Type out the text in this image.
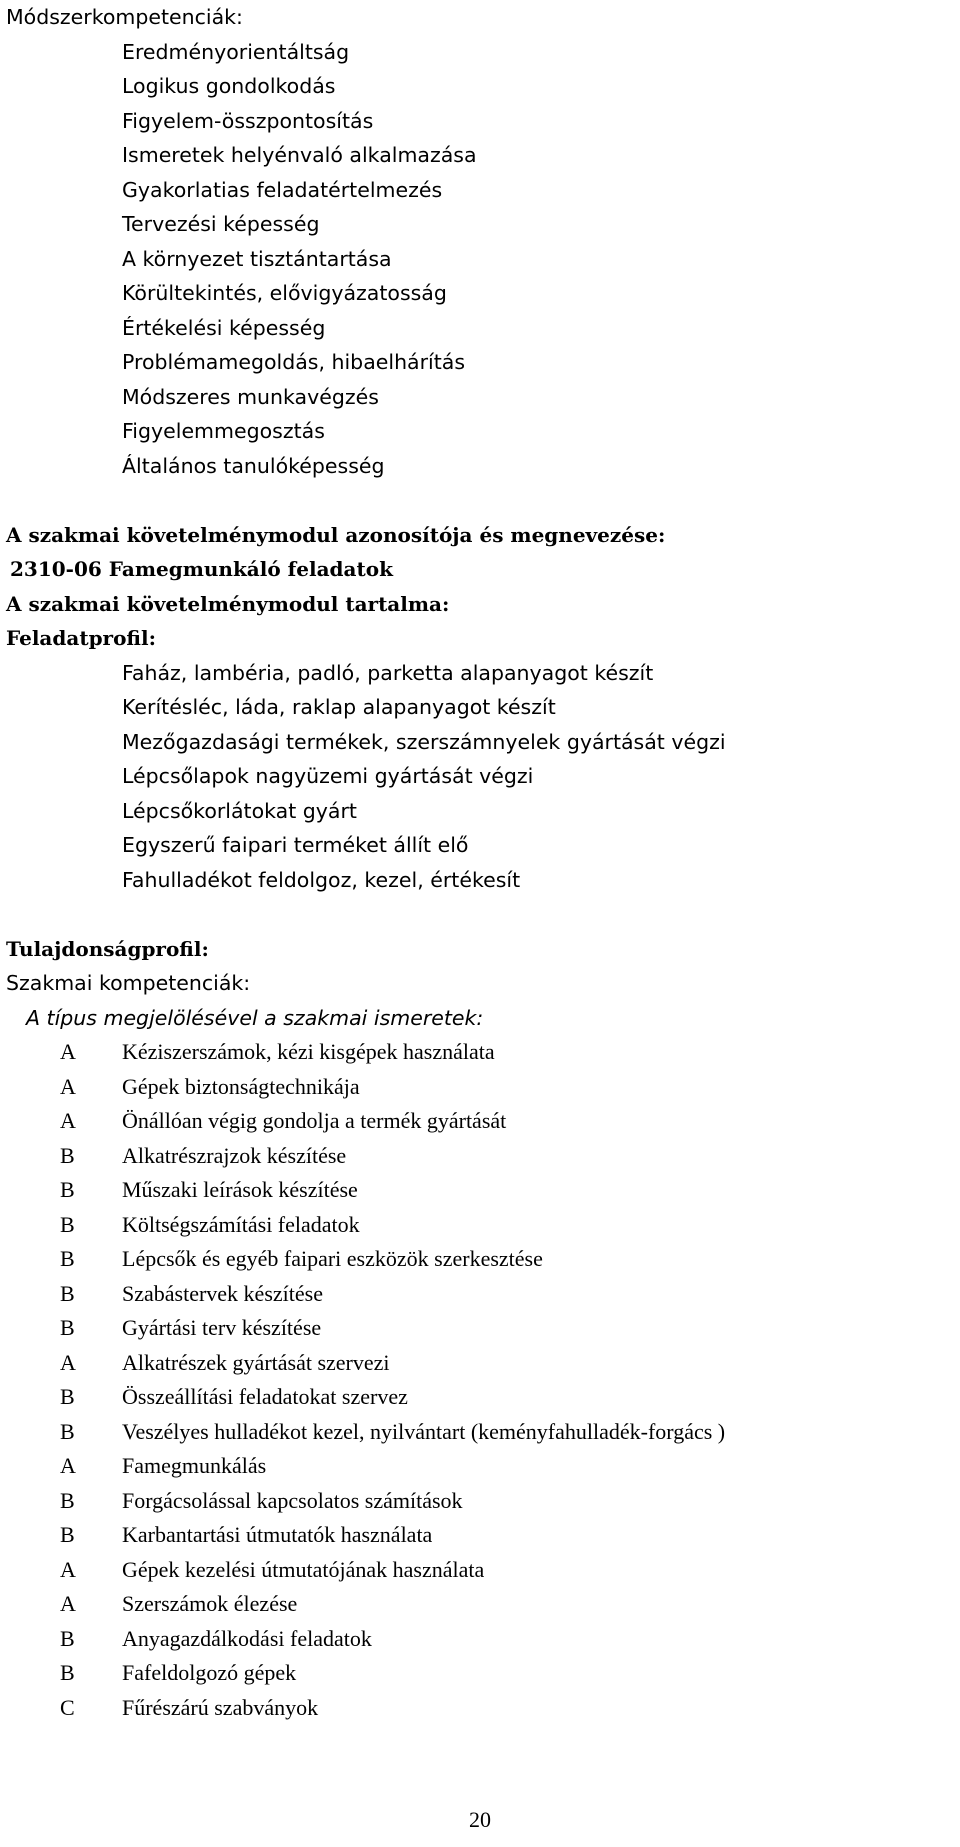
Módszerkompetenciák:
Eredményorientáltság
Logikus gondolkodás
Figyelem-összpontosítás
Ismeretek helyénvaló alkalmazása
Gyakorlatias feladatértelmezés
Tervezési képesség
A környezet tisztántartása
Körültekintés, elővigyázatosság
Értékelési képesség
Problémamegoldás, hibaelhárítás
Módszeres munkavégzés
Figyelemmegosztás
Általános tanulóképesség
A szakmai követelménymodul azonosítója és megnevezése:
2310-06 Famegmunkáló feladatok
A szakmai követelménymodul tartalma:
Feladatprofil:
Faház, lambéria, padló, parketta alapanyagot készít
Kerítésléc, láda, raklap alapanyagot készít
Mezőgazdasági termékek, szerszámnyelek gyártását végzi
Lépcsőlapok nagyüzemi gyártását végzi
Lépcsőkorlátokat gyárt
Egyszerű faipari terméket állít elő
Fahulladékot feldolgoz, kezel, értékesít
Tulajdonságprofil:
Szakmai kompetenciák:
A típus megjelölésével a szakmai ismeretek:
A	Kéziszerszámok, kézi kisgépek használata
A	Gépek biztonságtechnikája
A	Önállóan végig gondolja a termék gyártását
B	Alkatrészrajzok készítése
B	Műszaki leírások készítése
B	Költségszámítási feladatok
B	Lépcsők és egyéb faipari eszközök szerkesztése
B	Szabástervek készítése
B	Gyártási terv készítése
A	Alkatrészek gyártását szervezi
B	Összeállítási feladatokat szervez
B	Veszélyes hulladékot kezel, nyilvántart (keményfahulladék-forgács )
A	Famegmunkálás
B	Forgácsolással kapcsolatos számítások
B	Karbantartási útmutatók használata
A	Gépek kezelési útmutatójának használata
A	Szerszámok élezése
B	Anyagazdálkodási feladatok
B	Fafeldolgozó gépek
C	Fűrészárú szabványok
20
